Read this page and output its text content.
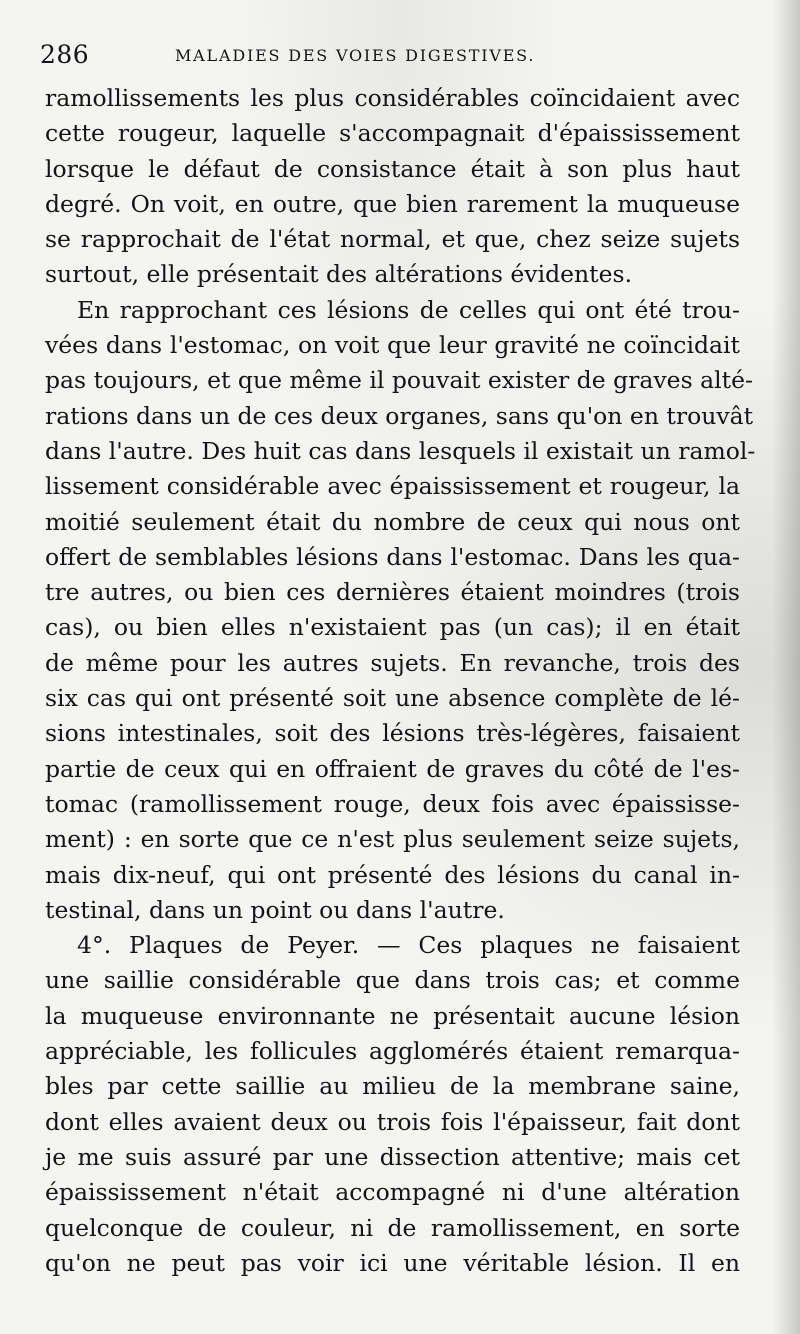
286	MALADIES DES VOIES DIGESTIVES.
ramollissements les plus considérables coïncidaient avec
cette rougeur, laquelle s'accompagnait d'épaississement
lorsque le défaut de consistance était à son plus haut
degré. On voit, en outre, que bien rarement la muqueuse
se rapprochait de l'état normal, et que, chez seize sujets
surtout, elle présentait des altérations évidentes.
En rapprochant ces lésions de celles qui ont été trou-
vées dans l'estomac, on voit que leur gravité ne coïncidait
pas toujours, et que même il pouvait exister de graves alté-
rations dans un de ces deux organes, sans qu'on en trouvât
dans l'autre. Des huit cas dans lesquels il existait un ramol-
lissement considérable avec épaississement et rougeur, la
moitié seulement était du nombre de ceux qui nous ont
offert de semblables lésions dans l'estomac. Dans les qua-
tre autres, ou bien ces dernières étaient moindres (trois
cas), ou bien elles n'existaient pas (un cas); il en était
de même pour les autres sujets. En revanche, trois des
six cas qui ont présenté soit une absence complète de lé-
sions intestinales, soit des lésions très-légères, faisaient
partie de ceux qui en offraient de graves du côté de l'es-
tomac (ramollissement rouge, deux fois avec épaississe-
ment) : en sorte que ce n'est plus seulement seize sujets,
mais dix-neuf, qui ont présenté des lésions du canal in-
testinal, dans un point ou dans l'autre.
4°. Plaques de Peyer. — Ces plaques ne faisaient
une saillie considérable que dans trois cas; et comme
la muqueuse environnante ne présentait aucune lésion
appréciable, les follicules agglomérés étaient remarqua-
bles par cette saillie au milieu de la membrane saine,
dont elles avaient deux ou trois fois l'épaisseur, fait dont
je me suis assuré par une dissection attentive; mais cet
épaississement n'était accompagné ni d'une altération
quelconque de couleur, ni de ramollissement, en sorte
qu'on ne peut pas voir ici une véritable lésion. Il en
